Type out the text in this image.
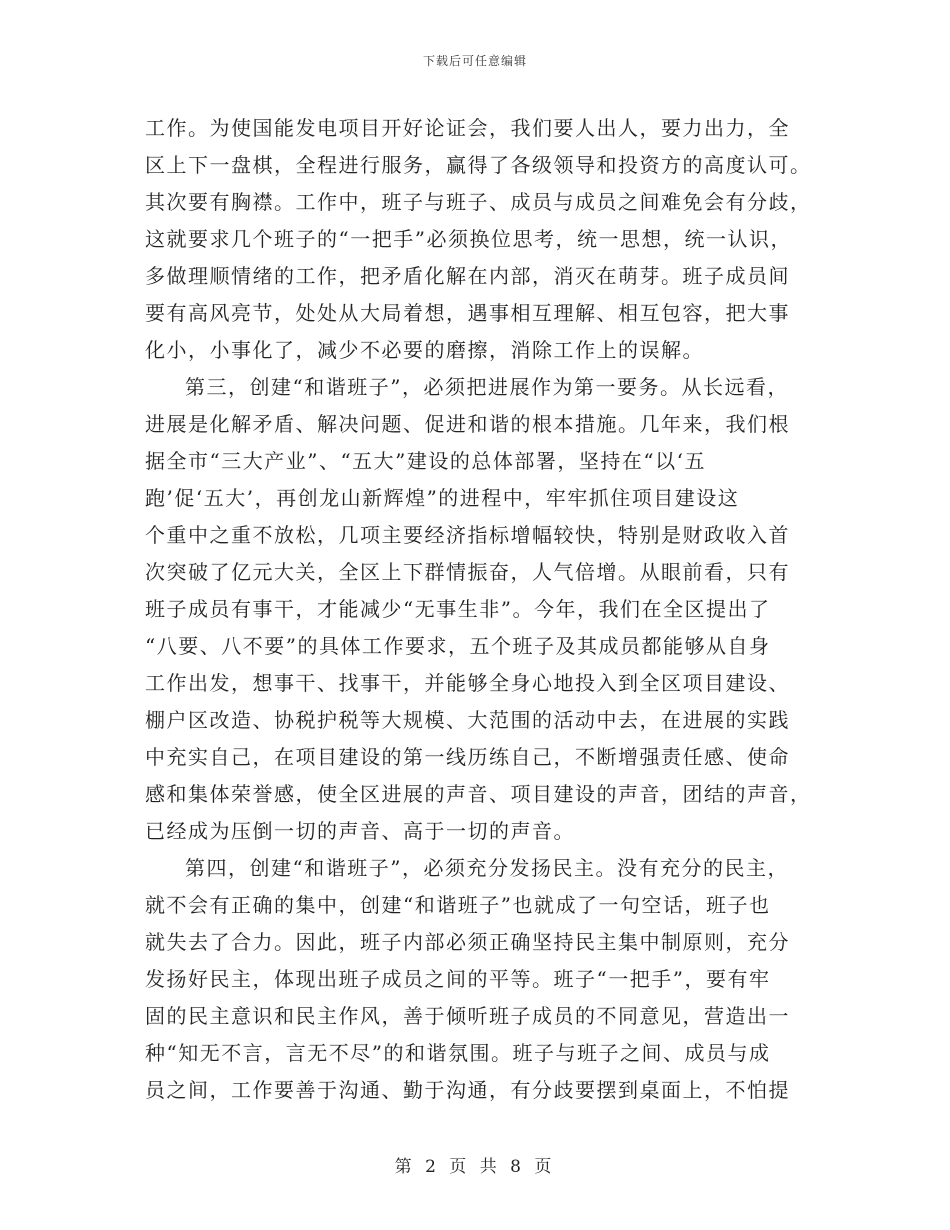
下载后可任意编辑
工作。为使国能发电项目开好论证会，我们要人出人，要力出力，全
区上下一盘棋，全程进行服务，赢得了各级领导和投资方的高度认可。
其次要有胸襟。工作中，班子与班子、成员与成员之间难免会有分歧，
这就要求几个班子的“一把手”必须换位思考，统一思想，统一认识，
多做理顺情绪的工作，把矛盾化解在内部，消灭在萌芽。班子成员间
要有高风亮节，处处从大局着想，遇事相互理解、相互包容，把大事
化小，小事化了，减少不必要的磨擦，消除工作上的误解。
第三，创建“和谐班子”，必须把进展作为第一要务。从长远看，
进展是化解矛盾、解决问题、促进和谐的根本措施。几年来，我们根
据全市“三大产业”、“五大”建设的总体部署，坚持在“以‘五
跑’促‘五大’，再创龙山新辉煌”的进程中，牢牢抓住项目建设这
个重中之重不放松，几项主要经济指标增幅较快，特别是财政收入首
次突破了亿元大关，全区上下群情振奋，人气倍增。从眼前看，只有
班子成员有事干，才能减少“无事生非”。今年，我们在全区提出了
“八要、八不要”的具体工作要求，五个班子及其成员都能够从自身
工作出发，想事干、找事干，并能够全身心地投入到全区项目建设、
棚户区改造、协税护税等大规模、大范围的活动中去，在进展的实践
中充实自己，在项目建设的第一线历练自己，不断增强责任感、使命
感和集体荣誉感，使全区进展的声音、项目建设的声音，团结的声音，
已经成为压倒一切的声音、高于一切的声音。
第四，创建“和谐班子”，必须充分发扬民主。没有充分的民主，
就不会有正确的集中，创建“和谐班子”也就成了一句空话，班子也
就失去了合力。因此，班子内部必须正确坚持民主集中制原则，充分
发扬好民主，体现出班子成员之间的平等。班子“一把手”，要有牢
固的民主意识和民主作风，善于倾听班子成员的不同意见，营造出一
种“知无不言，言无不尽”的和谐氛围。班子与班子之间、成员与成
员之间，工作要善于沟通、勤于沟通，有分歧要摆到桌面上，不怕提
第 2 页 共 8 页
